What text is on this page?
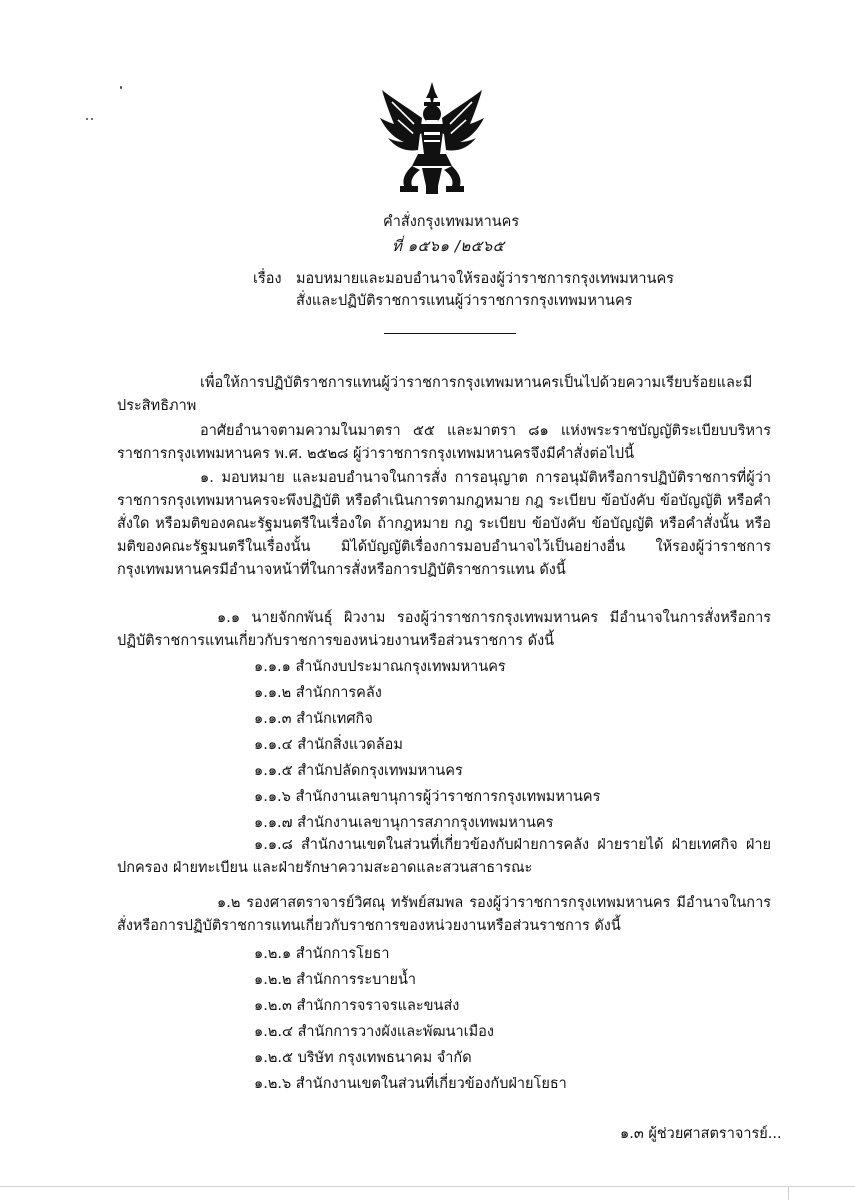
คำสั่งกรุงเทพมหานคร
ที่ ๑๕๖๑ /๒๕๖๕
เรื่อง มอบหมายและมอบอำนาจให้รองผู้ว่าราชการกรุงเทพมหานคร
สั่งและปฏิบัติราชการแทนผู้ว่าราชการกรุงเทพมหานคร
เพื่อให้การปฏิบัติราชการแทนผู้ว่าราชการกรุงเทพมหานครเป็นไปด้วยความเรียบร้อยและมีประสิทธิภาพ
อาศัยอำนาจตามความในมาตรา ๕๕ และมาตรา ๘๑ แห่งพระราชบัญญัติระเบียบบริหารราชการกรุงเทพมหานคร พ.ศ. ๒๕๒๘ ผู้ว่าราชการกรุงเทพมหานครจึงมีคำสั่งต่อไปนี้
๑. มอบหมาย และมอบอำนาจในการสั่ง การอนุญาต การอนุมัติหรือการปฏิบัติราชการที่ผู้ว่าราชการกรุงเทพมหานครจะพึงปฏิบัติ หรือดำเนินการตามกฎหมาย กฎ ระเบียบ ข้อบังคับ ข้อบัญญัติ หรือคำสั่งใด หรือมติของคณะรัฐมนตรีในเรื่องใด ถ้ากฎหมาย กฎ ระเบียบ ข้อบังคับ ข้อบัญญัติ หรือคำสั่งนั้น หรือมติของคณะรัฐมนตรีในเรื่องนั้น มิได้บัญญัติเรื่องการมอบอำนาจไว้เป็นอย่างอื่น ให้รองผู้ว่าราชการกรุงเทพมหานครมีอำนาจหน้าที่ในการสั่งหรือการปฏิบัติราชการแทน ดังนี้
๑.๑ นายจักกพันธุ์ ผิวงาม รองผู้ว่าราชการกรุงเทพมหานคร มีอำนาจในการสั่งหรือการปฏิบัติราชการแทนเกี่ยวกับราชการของหน่วยงานหรือส่วนราชการ ดังนี้
๑.๑.๑ สำนักงบประมาณกรุงเทพมหานคร
๑.๑.๒ สำนักการคลัง
๑.๑.๓ สำนักเทศกิจ
๑.๑.๔ สำนักสิ่งแวดล้อม
๑.๑.๕ สำนักปลัดกรุงเทพมหานคร
๑.๑.๖ สำนักงานเลขานุการผู้ว่าราชการกรุงเทพมหานคร
๑.๑.๗ สำนักงานเลขานุการสภากรุงเทพมหานคร
๑.๑.๘ สำนักงานเขตในส่วนที่เกี่ยวข้องกับฝ่ายการคลัง ฝ่ายรายได้ ฝ่ายเทศกิจ ฝ่ายปกครอง ฝ่ายทะเบียน และฝ่ายรักษาความสะอาดและสวนสาธารณะ
๑.๒ รองศาสตราจารย์วิศณุ ทรัพย์สมพล รองผู้ว่าราชการกรุงเทพมหานคร มีอำนาจในการสั่งหรือการปฏิบัติราชการแทนเกี่ยวกับราชการของหน่วยงานหรือส่วนราชการ ดังนี้
๑.๒.๑ สำนักการโยธา
๑.๒.๒ สำนักการระบายน้ำ
๑.๒.๓ สำนักการจราจรและขนส่ง
๑.๒.๔ สำนักการวางผังและพัฒนาเมือง
๑.๒.๕ บริษัท กรุงเทพธนาคม จำกัด
๑.๒.๖ สำนักงานเขตในส่วนที่เกี่ยวข้องกับฝ่ายโยธา
๑.๓ ผู้ช่วยศาสตราจารย์...
